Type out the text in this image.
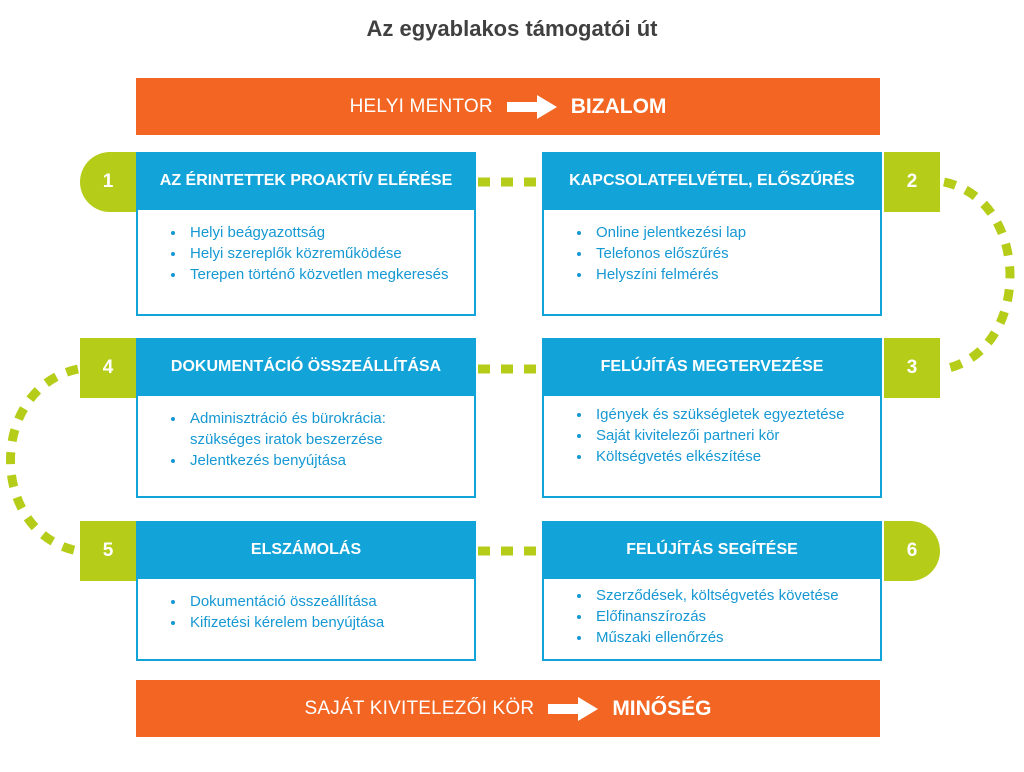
Az egyablakos támogatói út
HELYI MENTOR	BIZALOM
1	2
3
4
5	6
AZ ÉRINTETTEK PROAKTÍV ELÉRÉSE
• Helyi beágyazottság
• Helyi szereplők közreműködése
• Terepen történő közvetlen megkeresés
KAPCSOLATFELVÉTEL, ELŐSZŰRÉS
• Online jelentkezési lap
• Telefonos előszűrés
• Helyszíni felmérés
DOKUMENTÁCIÓ ÖSSZEÁLLÍTÁSA
• Adminisztráció és bürokrácia: szükséges iratok beszerzése
• Jelentkezés benyújtása
FELÚJÍTÁS MEGTERVEZÉSE
• Igények és szükségletek egyeztetése
• Saját kivitelezői partneri kör
• Költségvetés elkészítése
ELSZÁMOLÁS
• Dokumentáció összeállítása
• Kifizetési kérelem benyújtása
FELÚJÍTÁS SEGÍTÉSE
• Szerződések, költségvetés követése
• Előfinanszírozás
• Műszaki ellenőrzés
SAJÁT KIVITELEZŐI KÖR	MINŐSÉG
